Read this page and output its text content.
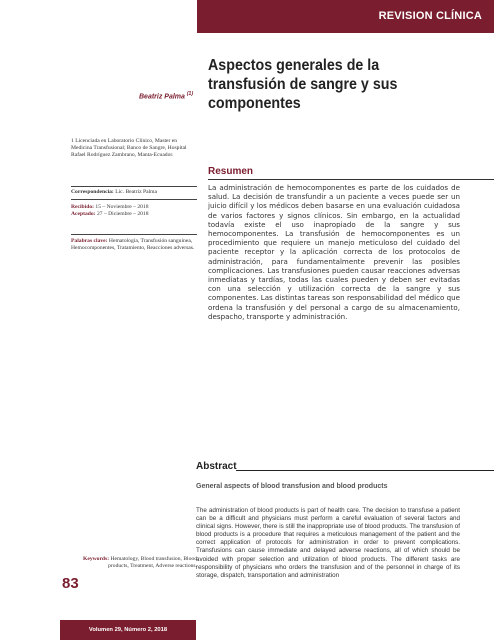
REVISION CLÍNICA
Aspectos generales de la transfusión de sangre y sus componentes
Beatriz Palma $^{(1)}$
1 Licenciada en Laboratorio Clínico, Master en Medicina Transfusional; Banco de Sangre, Hospital Rafael Rodríguez Zambrano, Manta-Ecuador.
Correspondencia: Lic. Beatriz Palma
Recibido: 15 – Noviembre – 2018
Aceptado: 27 – Diciembre – 2018
Palabras clave: Hematología, Transfusión sanguínea, Hemocomponentes, Tratamiento, Reacciones adversas.
Resumen

La administración de hemocomponentes es parte de los cuidados de salud. La decisión de transfundir a un paciente a veces puede ser un juicio difícil y los médicos deben basarse en una evaluación cuidadosa de varios factores y signos clínicos. Sin embargo, en la actualidad todavía existe el uso inapropiado de la sangre y sus hemocomponentes. La transfusión de hemocomponentes es un procedimiento que requiere un manejo meticuloso del cuidado del paciente receptor y la aplicación correcta de los protocolos de administración, para fundamentalmente prevenir las posibles complicaciones. Las transfusiones pueden causar reacciones adversas inmediatas y tardías, todas las cuales pueden y deben ser evitadas con una selección y utilización correcta de la sangre y sus componentes. Las distintas tareas son responsabilidad del médico que ordena la transfusión y del personal a cargo de su almacenamiento, despacho, transporte y administración.

Abstract
General aspects of blood transfusion and blood products

The administration of blood products is part of health care. The decision to transfuse a patient can be a difficult and physicians must perform a careful evaluation of several factors and clinical signs. However, there is still the inappropriate use of blood products. The transfusion of blood products is a procedure that requires a meticulous management of the patient and the correct application of protocols for administration in order to prevent complications. Transfusions can cause immediate and delayed adverse reactions, all of which should be avoided with proper selection and utilization of blood products. The different tasks are responsibility of physicians who orders the transfusion and of the personnel in charge of its storage, dispatch, transportation and administration

Keywords: Hematology, Blood transfusion, Blood products, Treatment, Adverse reactions.
83
Volumen 29, Número 2, 2018
